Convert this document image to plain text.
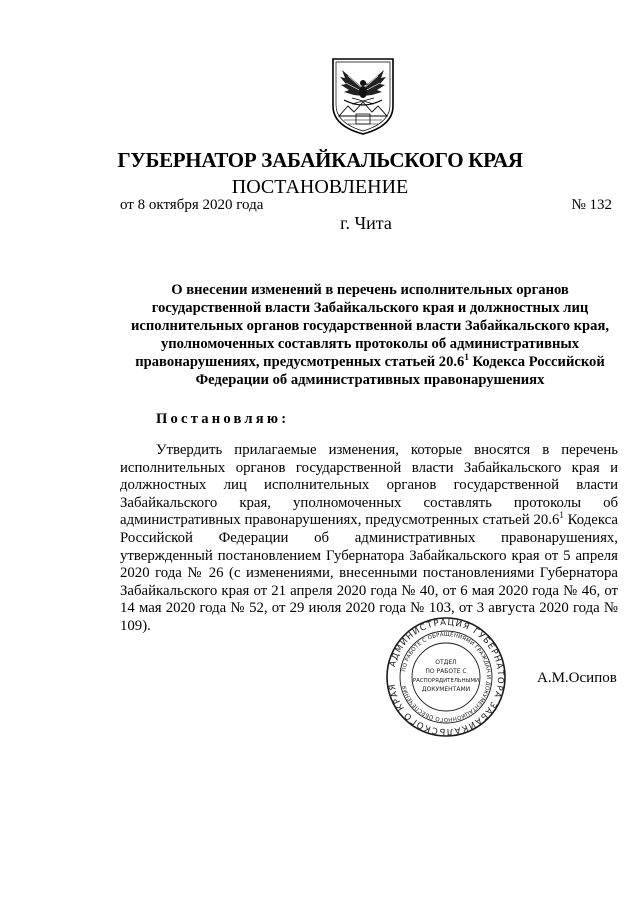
ГУБЕРНАТОР ЗАБАЙКАЛЬСКОГО КРАЯ
ПОСТАНОВЛЕНИЕ
от 8 октября 2020 года	№ 132
г. Чита
О внесении изменений в перечень исполнительных органов
государственной власти Забайкальского края и должностных лиц
исполнительных органов государственной власти Забайкальского края,
уполномоченных составлять протоколы об административных
правонарушениях, предусмотренных статьей 20.6$^1$ Кодекса Российской
Федерации об административных правонарушениях
Постановляю:
Утвердить прилагаемые изменения, которые вносятся в перечень исполнительных органов государственной власти Забайкальского края и должностных лиц исполнительных органов государственной власти Забайкальского края, уполномоченных составлять протоколы об административных правонарушениях, предусмотренных статьей 20.6$^1$ Кодекса Российской Федерации об административных правонарушениях, утвержденный постановлением Губернатора Забайкальского края от 5 апреля 2020 года № 26 (с изменениями, внесенными постановлениями Губернатора Забайкальского края от 21 апреля 2020 года № 40, от 6 мая 2020 года № 46, от 14 мая 2020 года № 52, от 29 июля 2020 года № 103, от 3 августа 2020 года № 109).
АДМИНИСТРАЦИЯ ГУБЕРНАТОРА ЗАБАЙКАЛЬСКОГО КРАЯ
ПО РАБОТЕ С ОБРАЩЕНИЯМИ ГРАЖДАН И ДОКУМЕНТАЦИОННОГО ОБЕСПЕЧЕНИЯ
ОТДЕЛ
ПО РАБОТЕ С
РАСПОРЯДИТЕЛЬНЫМИ
ДОКУМЕНТАМИ
А.М.Осипов
